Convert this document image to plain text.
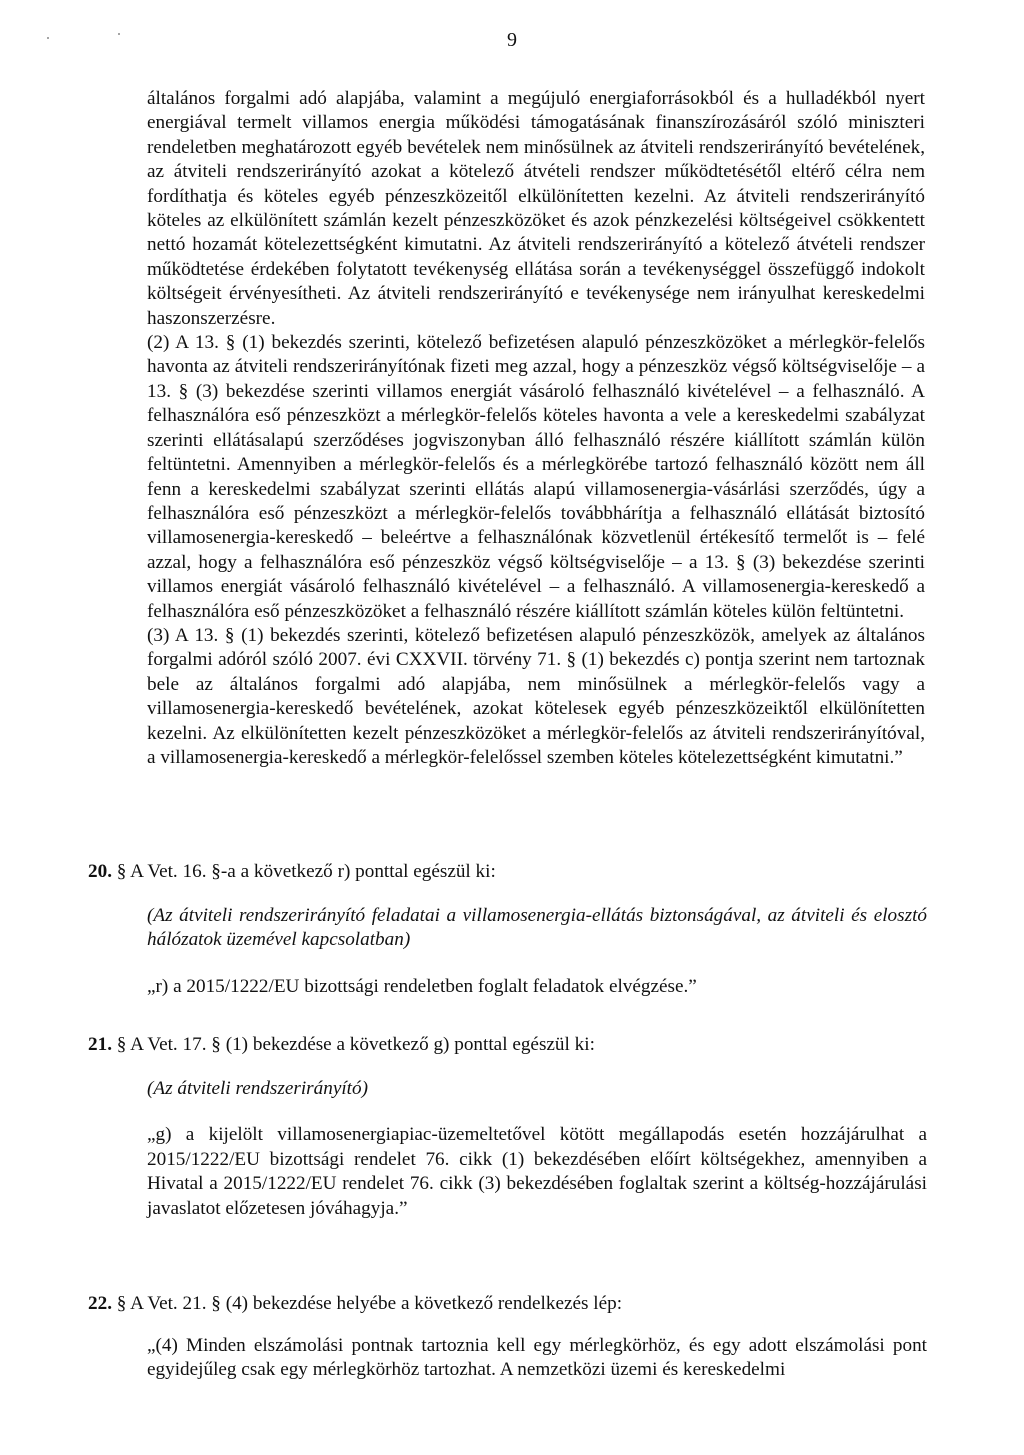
9

általános forgalmi adó alapjába, valamint a megújuló energiaforrásokból és a hulladékból nyert energiával termelt villamos energia működési támogatásának finanszírozásáról szóló miniszteri rendeletben meghatározott egyéb bevételek nem minősülnek az átviteli rendszerirányító bevételének, az átviteli rendszerirányító azokat a kötelező átvételi rendszer működtetésétől eltérő célra nem fordíthatja és köteles egyéb pénzeszközeitől elkülönítetten kezelni. Az átviteli rendszerirányító köteles az elkülönített számlán kezelt pénzeszközöket és azok pénzkezelési költségeivel csökkentett nettó hozamát kötelezettségként kimutatni. Az átviteli rendszerirányító a kötelező átvételi rendszer működtetése érdekében folytatott tevékenység ellátása során a tevékenységgel összefüggő indokolt költségeit érvényesítheti. Az átviteli rendszerirányító e tevékenysége nem irányulhat kereskedelmi haszonszerzésre.

(2) A 13. § (1) bekezdés szerinti, kötelező befizetésen alapuló pénzeszközöket a mérlegkör-felelős havonta az átviteli rendszerirányítónak fizeti meg azzal, hogy a pénzeszköz végső költségviselője – a 13. § (3) bekezdése szerinti villamos energiát vásároló felhasználó kivételével – a felhasználó. A felhasználóra eső pénzeszközt a mérlegkör-felelős köteles havonta a vele a kereskedelmi szabályzat szerinti ellátásalapú szerződéses jogviszonyban álló felhasználó részére kiállított számlán külön feltüntetni. Amennyiben a mérlegkör-felelős és a mérlegkörébe tartozó felhasználó között nem áll fenn a kereskedelmi szabályzat szerinti ellátás alapú villamosenergia-vásárlási szerződés, úgy a felhasználóra eső pénzeszközt a mérlegkör-felelős továbbhárítja a felhasználó ellátását biztosító villamosenergia-kereskedő – beleértve a felhasználónak közvetlenül értékesítő termelőt is – felé azzal, hogy a felhasználóra eső pénzeszköz végső költségviselője – a 13. § (3) bekezdése szerinti villamos energiát vásároló felhasználó kivételével – a felhasználó. A villamosenergia-kereskedő a felhasználóra eső pénzeszközöket a felhasználó részére kiállított számlán köteles külön feltüntetni.

(3) A 13. § (1) bekezdés szerinti, kötelező befizetésen alapuló pénzeszközök, amelyek az általános forgalmi adóról szóló 2007. évi CXXVII. törvény 71. § (1) bekezdés c) pontja szerint nem tartoznak bele az általános forgalmi adó alapjába, nem minősülnek a mérlegkör-felelős vagy a villamosenergia-kereskedő bevételének, azokat kötelesek egyéb pénzeszközeiktől elkülönítetten kezelni. Az elkülönítetten kezelt pénzeszközöket a mérlegkör-felelős az átviteli rendszerirányítóval, a villamosenergia-kereskedő a mérlegkör-felelőssel szemben köteles kötelezettségként kimutatni.”

20. § A Vet. 16. §-a a következő r) ponttal egészül ki:

(Az átviteli rendszerirányító feladatai a villamosenergia-ellátás biztonságával, az átviteli és elosztó hálózatok üzemével kapcsolatban)

„r) a 2015/1222/EU bizottsági rendeletben foglalt feladatok elvégzése.”

21. § A Vet. 17. § (1) bekezdése a következő g) ponttal egészül ki:

(Az átviteli rendszerirányító)

„g) a kijelölt villamosenergiapiac-üzemeltetővel kötött megállapodás esetén hozzájárulhat a 2015/1222/EU bizottsági rendelet 76. cikk (1) bekezdésében előírt költségekhez, amennyiben a Hivatal a 2015/1222/EU rendelet 76. cikk (3) bekezdésében foglaltak szerint a költség-hozzájárulási javaslatot előzetesen jóváhagyja.”

22. § A Vet. 21. § (4) bekezdése helyébe a következő rendelkezés lép:

„(4) Minden elszámolási pontnak tartoznia kell egy mérlegkörhöz, és egy adott elszámolási pont egyidejűleg csak egy mérlegkörhöz tartozhat. A nemzetközi üzemi és kereskedelmi
